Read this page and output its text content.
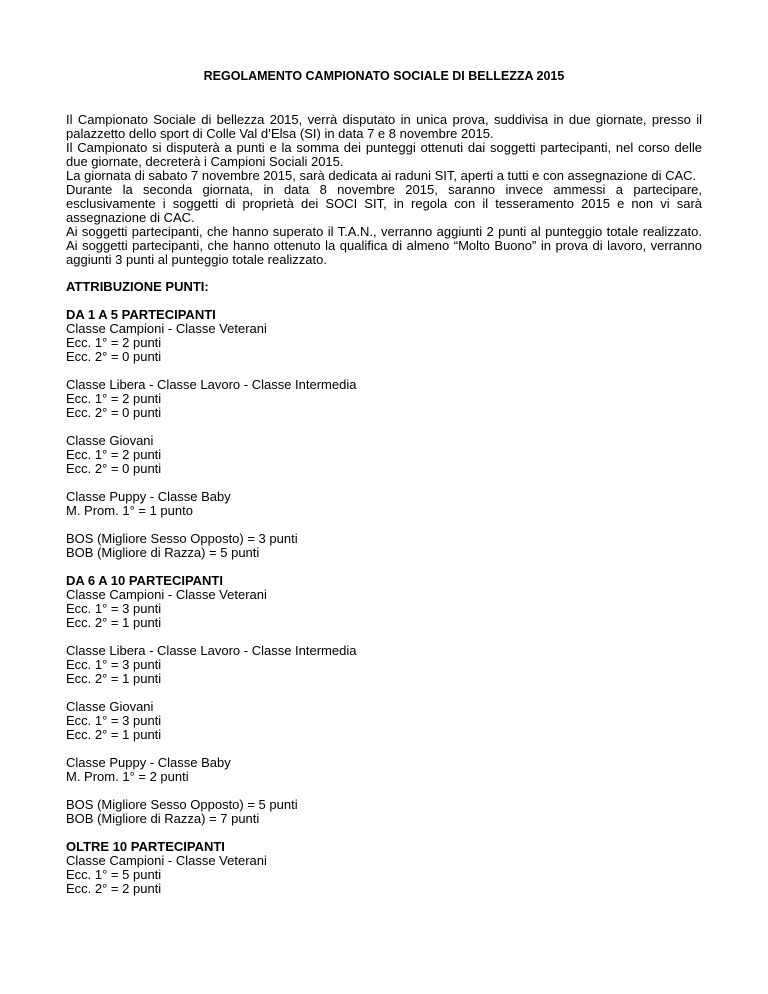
REGOLAMENTO CAMPIONATO SOCIALE DI BELLEZZA 2015

Il Campionato Sociale di bellezza 2015, verrà disputato in unica prova, suddivisa in due giornate, presso il palazzetto dello sport di Colle Val d’Elsa (SI) in data 7 e 8 novembre 2015.

Il Campionato si disputerà a punti e la somma dei punteggi ottenuti dai soggetti partecipanti, nel corso delle due giornate, decreterà i Campioni Sociali 2015.

La giornata di sabato 7 novembre 2015, sarà dedicata ai raduni SIT, aperti a tutti e con assegnazione di CAC.

Durante la seconda giornata, in data 8 novembre 2015, saranno invece ammessi a partecipare, esclusivamente i soggetti di proprietà dei SOCI SIT, in regola con il tesseramento 2015 e non vi sarà assegnazione di CAC.

Ai soggetti partecipanti, che hanno superato il T.A.N., verranno aggiunti 2 punti al punteggio totale realizzato. Ai soggetti partecipanti, che hanno ottenuto la qualifica di almeno “Molto Buono” in prova di lavoro, verranno aggiunti 3 punti al punteggio totale realizzato.

ATTRIBUZIONE PUNTI:
DA 1 A 5 PARTECIPANTI
Classe Campioni - Classe Veterani
Ecc. 1° = 2 punti
Ecc. 2° = 0 punti
Classe Libera - Classe Lavoro - Classe Intermedia
Ecc. 1° = 2 punti
Ecc. 2° = 0 punti
Classe Giovani
Ecc. 1° = 2 punti
Ecc. 2° = 0 punti
Classe Puppy - Classe Baby
M. Prom. 1° = 1 punto
BOS (Migliore Sesso Opposto) = 3 punti
BOB (Migliore di Razza) = 5 punti
DA 6 A 10 PARTECIPANTI
Classe Campioni - Classe Veterani
Ecc. 1° = 3 punti
Ecc. 2° = 1 punti
Classe Libera - Classe Lavoro - Classe Intermedia
Ecc. 1° = 3 punti
Ecc. 2° = 1 punti
Classe Giovani
Ecc. 1° = 3 punti
Ecc. 2° = 1 punti
Classe Puppy - Classe Baby
M. Prom. 1° = 2 punti
BOS (Migliore Sesso Opposto) = 5 punti
BOB (Migliore di Razza) = 7 punti
OLTRE 10 PARTECIPANTI
Classe Campioni - Classe Veterani
Ecc. 1° = 5 punti
Ecc. 2° = 2 punti
